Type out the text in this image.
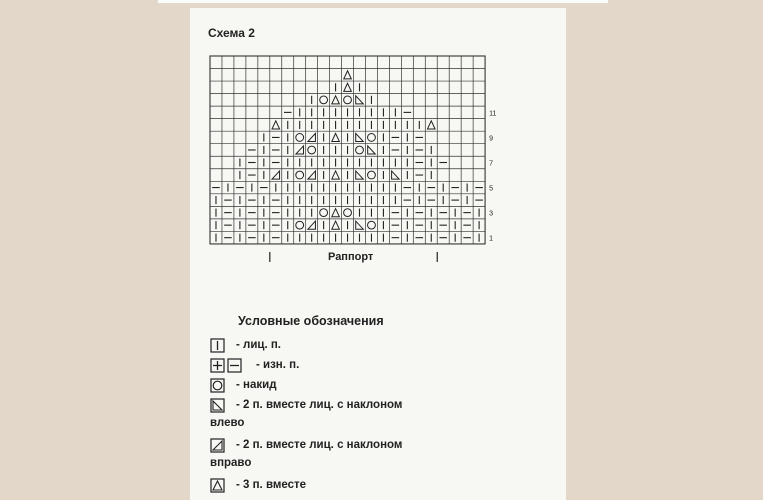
Схема 2
11
9
7
5
3
1
Раппорт
Условные обозначения
- лиц. п.
- изн. п.
- накид
- 2 п. вместе лиц. с наклоном
влево
- 2 п. вместе лиц. с наклоном
вправо
- 3 п. вместе
